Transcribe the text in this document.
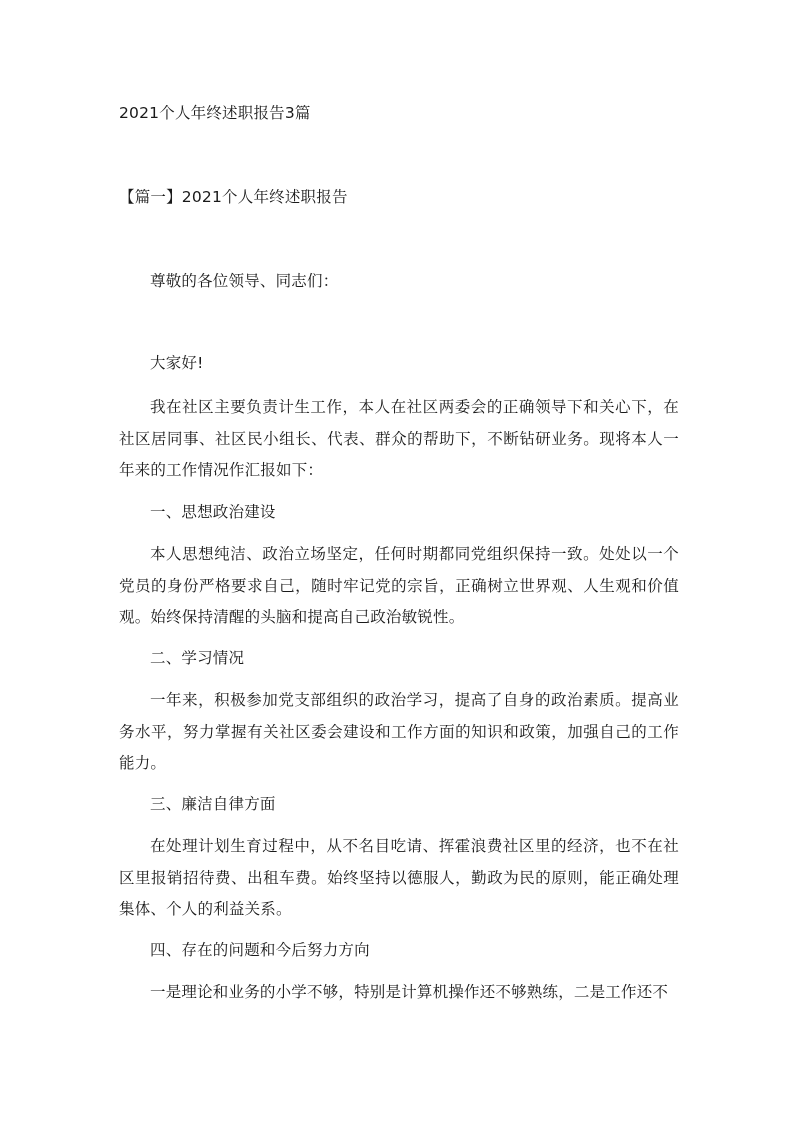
2021个人年终述职报告3篇
【篇一】2021个人年终述职报告
尊敬的各位领导、同志们：
大家好!
我在社区主要负责计生工作，本人在社区两委会的正确领导下和关心下，在社区居同事、社区民小组长、代表、群众的帮助下，不断钻研业务。现将本人一年来的工作情况作汇报如下：
一、思想政治建设
本人思想纯洁、政治立场坚定，任何时期都同党组织保持一致。处处以一个党员的身份严格要求自己，随时牢记党的宗旨，正确树立世界观、人生观和价值观。始终保持清醒的头脑和提高自己政治敏锐性。
二、学习情况
一年来，积极参加党支部组织的政治学习，提高了自身的政治素质。提高业务水平，努力掌握有关社区委会建设和工作方面的知识和政策，加强自己的工作能力。
三、廉洁自律方面
在处理计划生育过程中，从不名目吃请、挥霍浪费社区里的经济，也不在社区里报销招待费、出租车费。始终坚持以德服人，勤政为民的原则，能正确处理集体、个人的利益关系。
四、存在的问题和今后努力方向
一是理论和业务的小学不够，特别是计算机操作还不够熟练，二是工作还不
